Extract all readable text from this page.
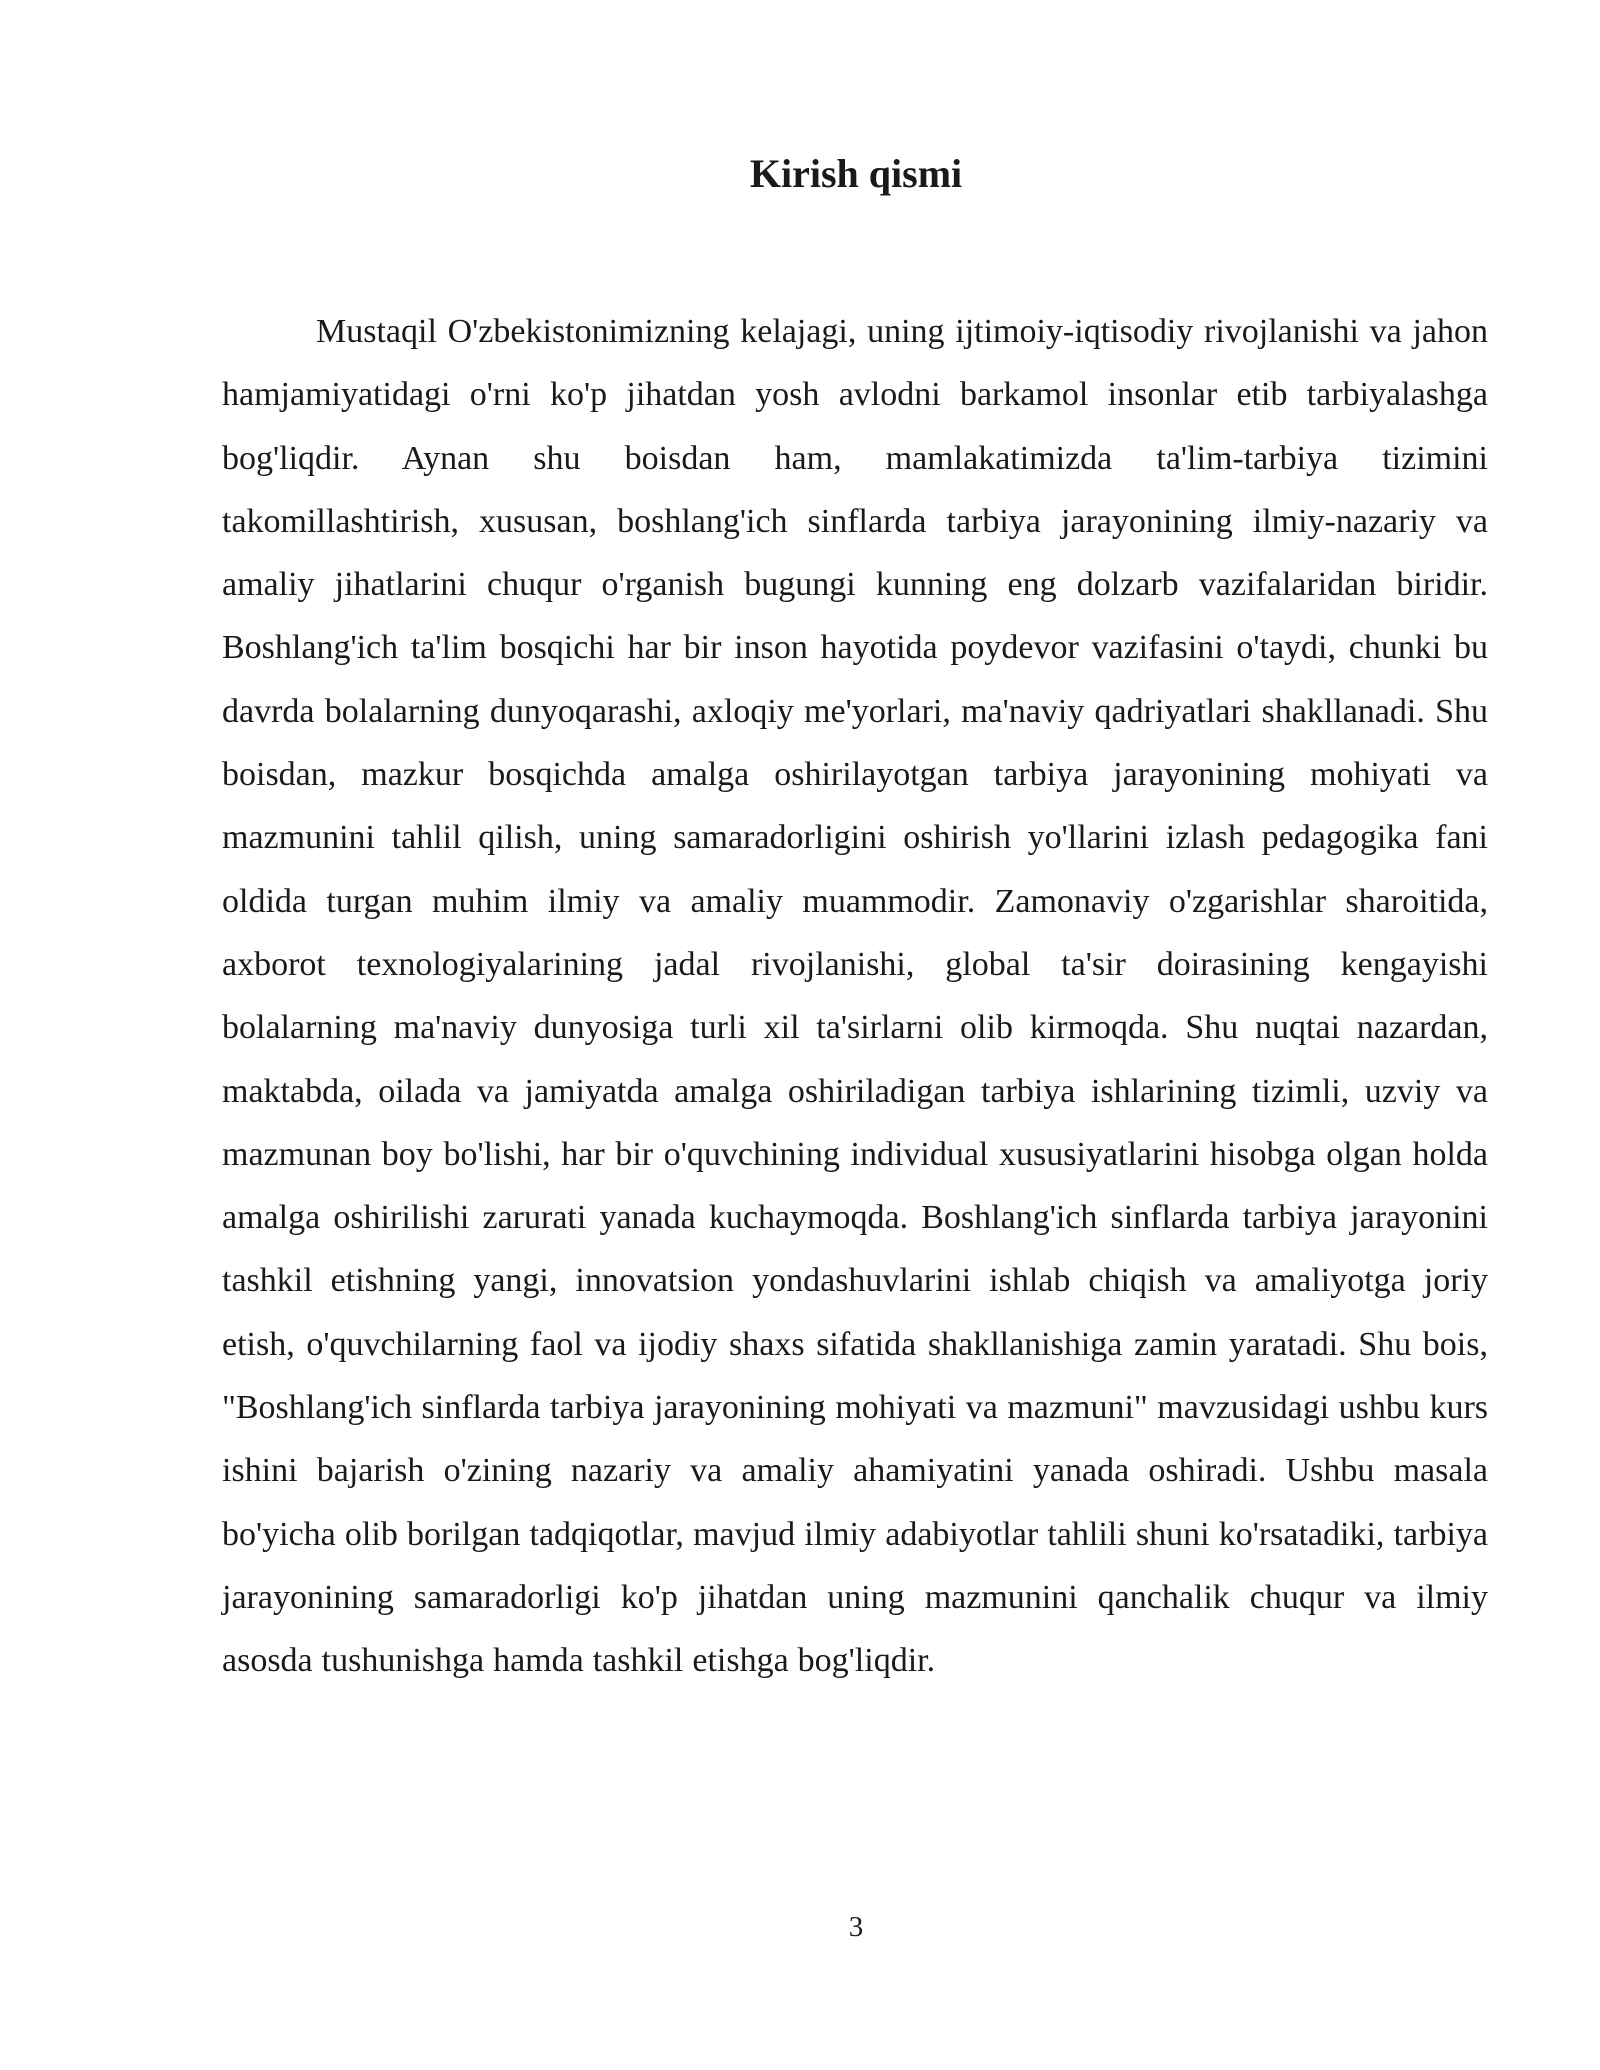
Kirish qismi

Mustaqil O'zbekistonimizning kelajagi, uning ijtimoiy-iqtisodiy rivojlanishi va jahon hamjamiyatidagi o'rni ko'p jihatdan yosh avlodni barkamol insonlar etib tarbiyalashga bog'liqdir. Aynan shu boisdan ham, mamlakatimizda ta'lim-tarbiya tizimini takomillashtirish, xususan, boshlang'ich sinflarda tarbiya jarayonining ilmiy-nazariy va amaliy jihatlarini chuqur o'rganish bugungi kunning eng dolzarb vazifalaridan biridir. Boshlang'ich ta'lim bosqichi har bir inson hayotida poydevor vazifasini o'taydi, chunki bu davrda bolalarning dunyoqarashi, axloqiy me'yorlari, ma'naviy qadriyatlari shakllanadi. Shu boisdan, mazkur bosqichda amalga oshirilayotgan tarbiya jarayonining mohiyati va mazmunini tahlil qilish, uning samaradorligini oshirish yo'llarini izlash pedagogika fani oldida turgan muhim ilmiy va amaliy muammodir. Zamonaviy o'zgarishlar sharoitida, axborot texnologiyalarining jadal rivojlanishi, global ta'sir doirasining kengayishi bolalarning ma'naviy dunyosiga turli xil ta'sirlarni olib kirmoqda. Shu nuqtai nazardan, maktabda, oilada va jamiyatda amalga oshiriladigan tarbiya ishlarining tizimli, uzviy va mazmunan boy bo'lishi, har bir o'quvchining individual xususiyatlarini hisobga olgan holda amalga oshirilishi zarurati yanada kuchaymoqda. Boshlang'ich sinflarda tarbiya jarayonini tashkil etishning yangi, innovatsion yondashuvlarini ishlab chiqish va amaliyotga joriy etish, o'quvchilarning faol va ijodiy shaxs sifatida shakllanishiga zamin yaratadi. Shu bois, "Boshlang'ich sinflarda tarbiya jarayonining mohiyati va mazmuni" mavzusidagi ushbu kurs ishini bajarish o'zining nazariy va amaliy ahamiyatini yanada oshiradi. Ushbu masala bo'yicha olib borilgan tadqiqotlar, mavjud ilmiy adabiyotlar tahlili shuni ko'rsatadiki, tarbiya jarayonining samaradorligi ko'p jihatdan uning mazmunini qanchalik chuqur va ilmiy asosda tushunishga hamda tashkil etishga bog'liqdir.

3
